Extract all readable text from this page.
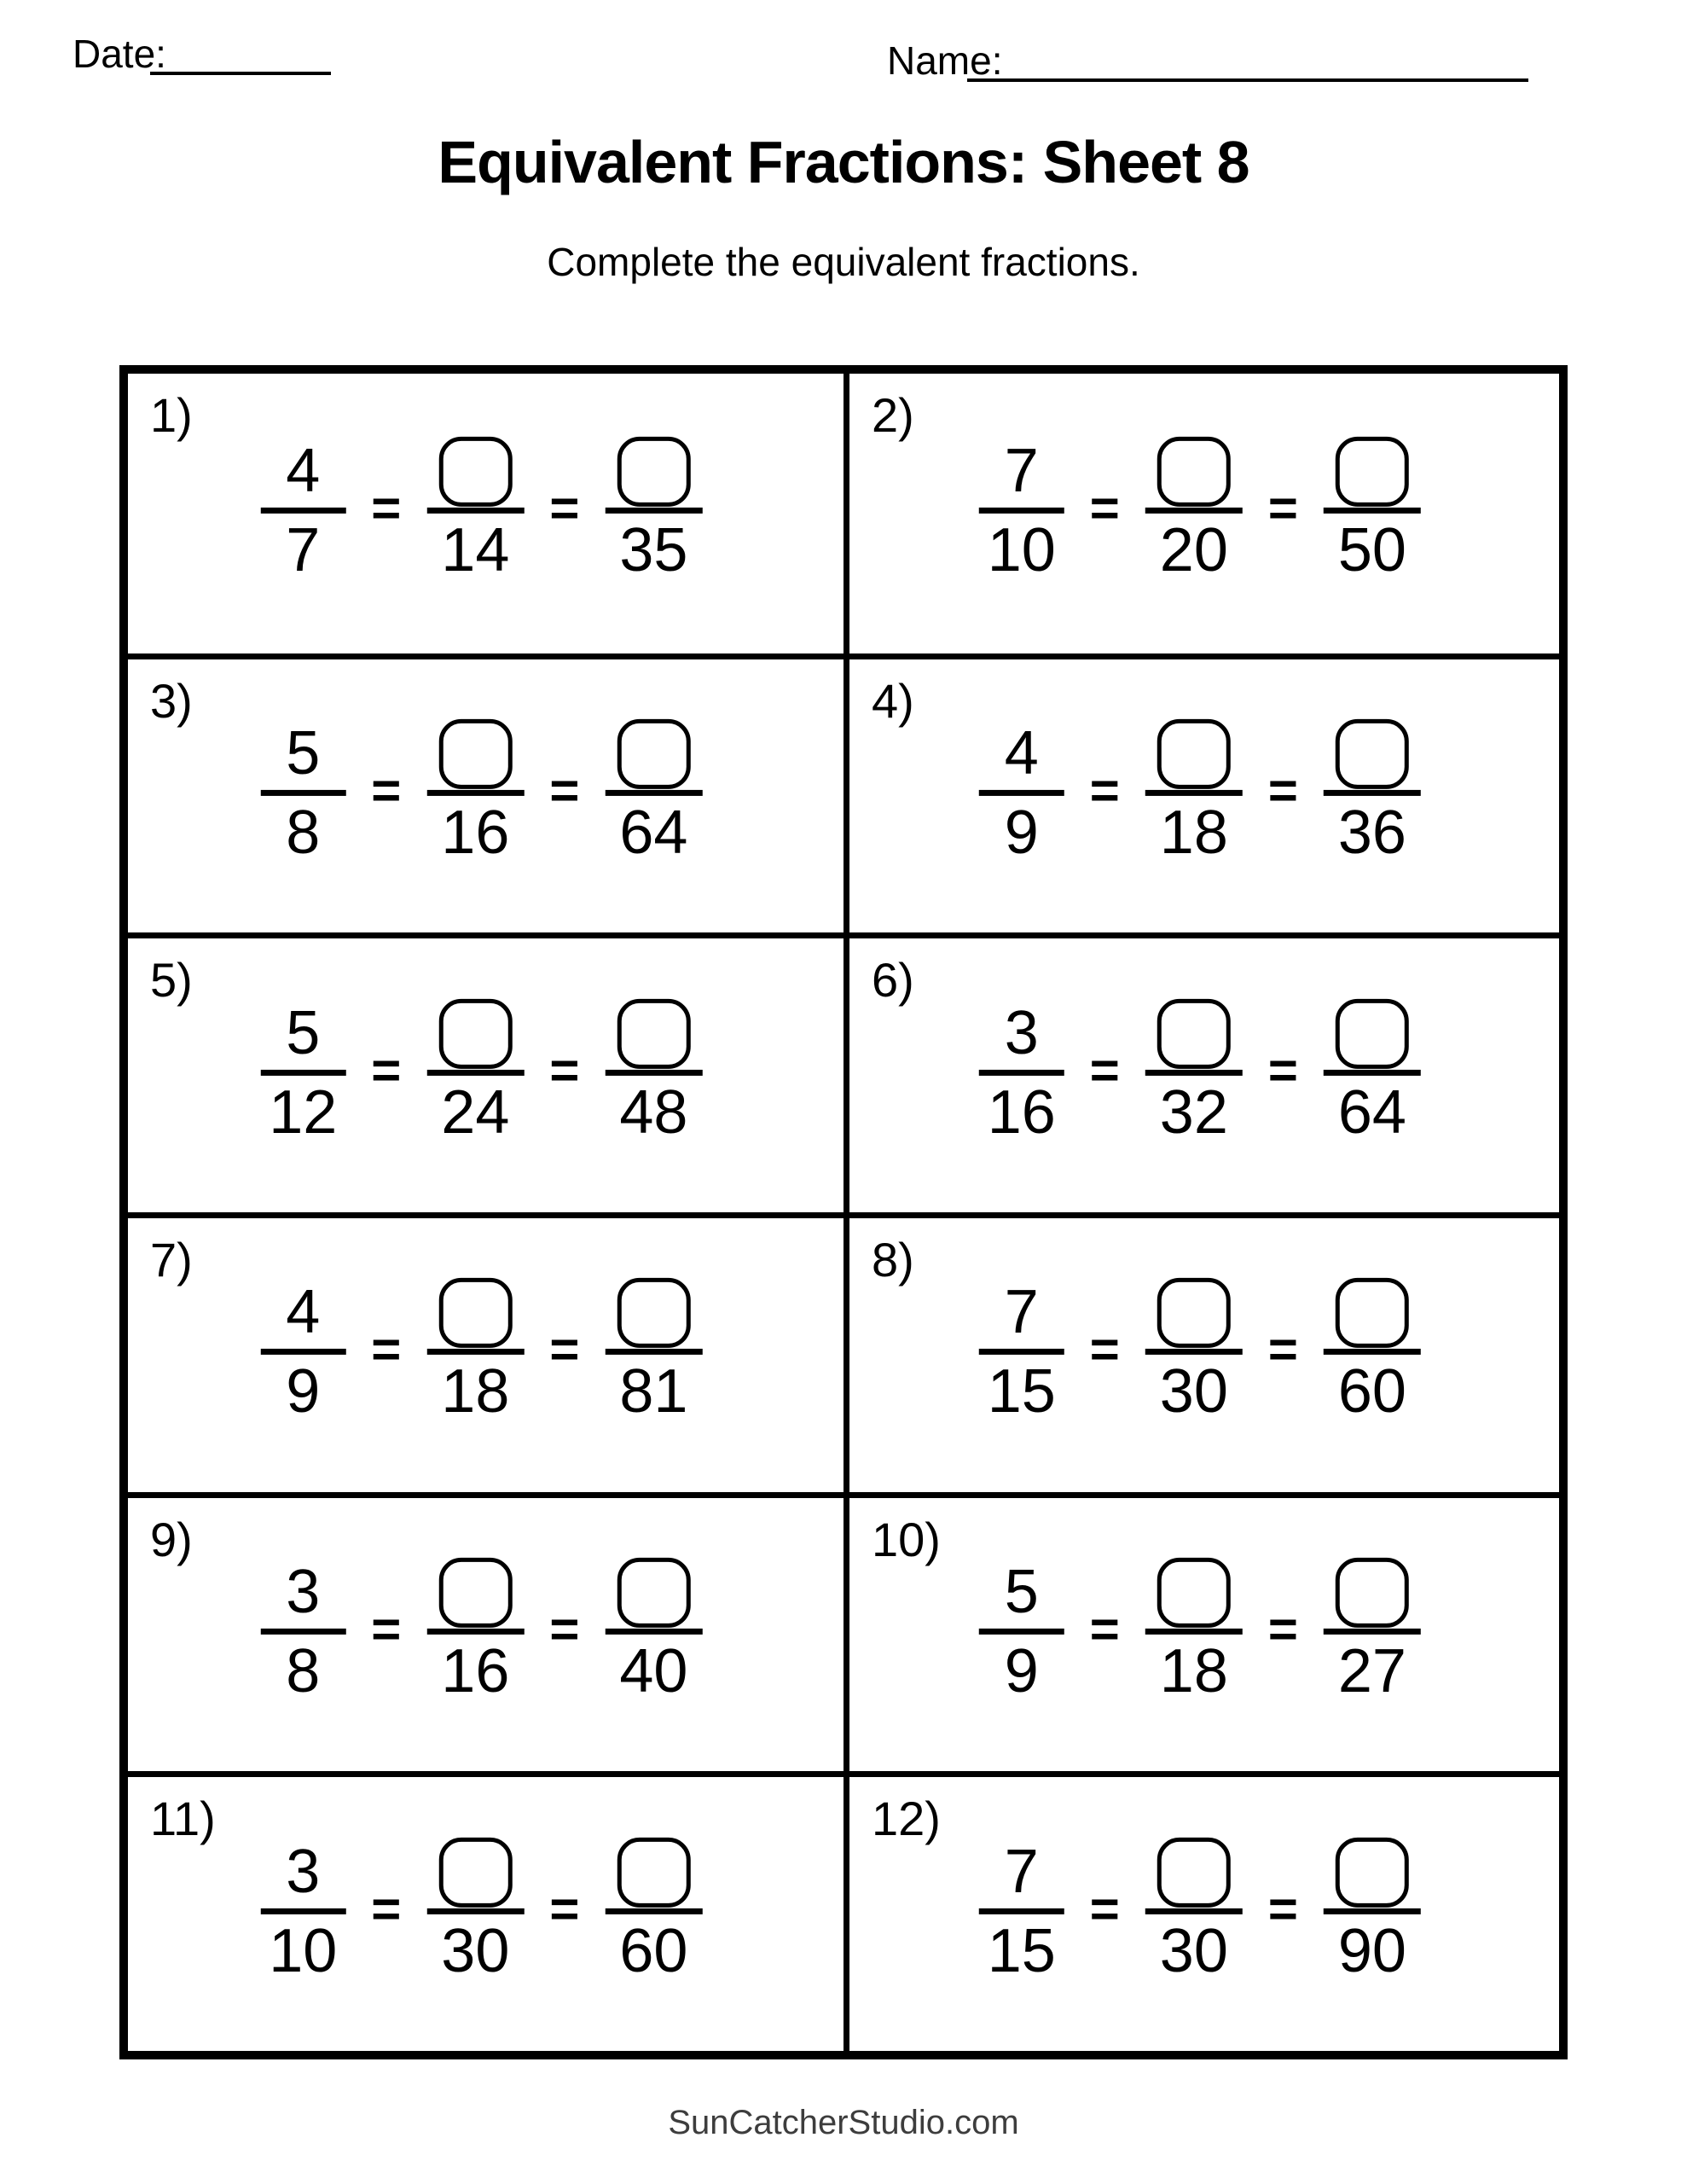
Date:	Name:
Equivalent Fractions: Sheet 8
Complete the equivalent fractions.
1)
4
7
=
14
=
35
2)
7
10
=
20
=
50
3)
5
8
=
16
=
64
4)
4
9
=
18
=
36
5)
5
12
=
24
=
48
6)
3
16
=
32
=
64
7)
4
9
=
18
=
81
8)
7
15
=
30
=
60
9)
3
8
=
16
=
40
10)
5
9
=
18
=
27
11)
3
10
=
30
=
60
12)
7
15
=
30
=
90
SunCatcherStudio.com
